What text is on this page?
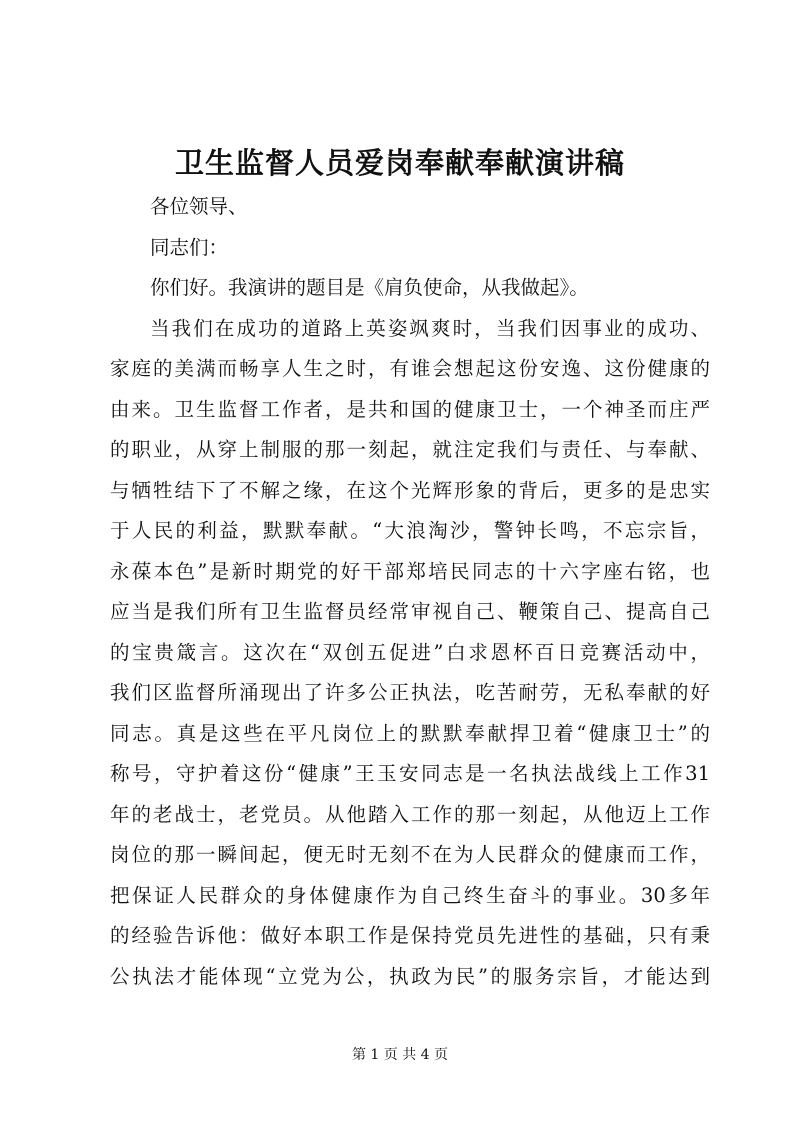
卫生监督人员爱岗奉献奉献演讲稿
各位领导、
同志们：
你们好。我演讲的题目是《肩负使命，从我做起》。
当我们在成功的道路上英姿飒爽时，当我们因事业的成功、
家庭的美满而畅享人生之时，有谁会想起这份安逸、这份健康的
由来。卫生监督工作者，是共和国的健康卫士，一个神圣而庄严
的职业，从穿上制服的那一刻起，就注定我们与责任、与奉献、
与牺牲结下了不解之缘，在这个光辉形象的背后，更多的是忠实
于人民的利益，默默奉献。“大浪淘沙，警钟长鸣，不忘宗旨，
永葆本色”是新时期党的好干部郑培民同志的十六字座右铭，也
应当是我们所有卫生监督员经常审视自己、鞭策自己、提高自己
的宝贵箴言。这次在“双创五促进”白求恩杯百日竞赛活动中，
我们区监督所涌现出了许多公正执法，吃苦耐劳，无私奉献的好
同志。真是这些在平凡岗位上的默默奉献捍卫着“健康卫士”的
称号，守护着这份“健康”王玉安同志是一名执法战线上工作31
年的老战士，老党员。从他踏入工作的那一刻起，从他迈上工作
岗位的那一瞬间起，便无时无刻不在为人民群众的健康而工作，
把保证人民群众的身体健康作为自己终生奋斗的事业。30多年
的经验告诉他：做好本职工作是保持党员先进性的基础，只有秉
公执法才能体现“立党为公，执政为民”的服务宗旨，才能达到
第 1 页 共 4 页
